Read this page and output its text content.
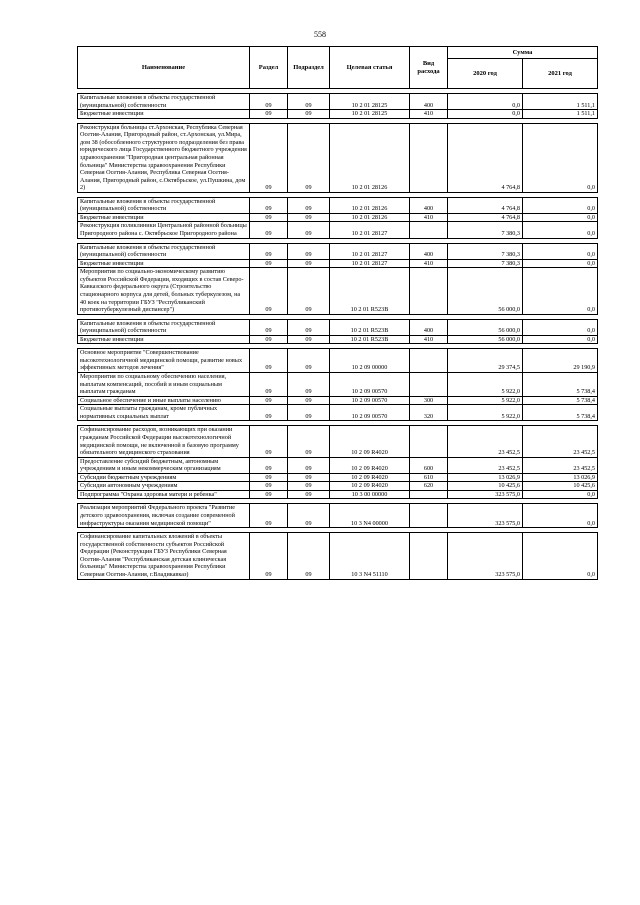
558
Наименование	Раздел	Подраздел	Целевая статья	Вид расхода	Сумма	
					2020 год	2021 год

Капитальные вложения в объекты государственной (муниципальной) собственности	09	09	10 2 01 28125	400	0,0	1 511,1
Бюджетные инвестиции	09	09	10 2 01 28125	410	0,0	1 511,1

Реконструкция больницы ст.Архонская, Республика Северная Осетия-Алания, Пригородный район, ст.Архонская, ул.Мира, дом 38 (обособленного структурного подразделения без права юридического лица Государственного бюджетного учреждения здравоохранения "Пригородная центральная районная больница" Министерства здравоохранения Республики Северная Осетия-Алания, Республика Северная Осетия-Алания, Пригородный район, с.Октябрьское, ул.Пушкина, дом 2)	09	09	10 2 01 28126		4 764,8	0,0

Капитальные вложения в объекты государственной (муниципальной) собственности	09	09	10 2 01 28126	400	4 764,8	0,0
Бюджетные инвестиции	09	09	10 2 01 28126	410	4 764,8	0,0
Реконструкция поликлиники Центральной районной больницы Пригородного района с. Октябрьское Пригородного района	09	09	10 2 01 28127		7 380,3	0,0

Капитальные вложения в объекты государственной (муниципальной) собственности	09	09	10 2 01 28127	400	7 380,3	0,0
Бюджетные инвестиции	09	09	10 2 01 28127	410	7 380,3	0,0
Мероприятия по социально-экономическому развитию субъектов Российской Федерации, входящих в состав Северо-Кавказского федерального округа (Строительство стационарного корпуса для детей, больных туберкулезом, на 40 коек на территории ГБУЗ "Республиканский противотуберкулезный диспансер")	09	09	10 2 01 R523В		56 000,0	0,0

Капитальные вложения в объекты государственной (муниципальной) собственности	09	09	10 2 01 R523В	400	56 000,0	0,0
Бюджетные инвестиции	09	09	10 2 01 R523В	410	56 000,0	0,0

Основное мероприятие "Совершенствование высокотехнологичной медицинской помощи, развитие новых эффективных методов лечения"	09	09	10 2 09 00000		29 374,5	29 190,9
Мероприятия по социальному обеспечению населения, выплатам компенсаций, пособий и иным социальным выплатам гражданам	09	09	10 2 09 00570		5 922,0	5 738,4
Социальное обеспечение и иные выплаты населению	09	09	10 2 09 00570	300	5 922,0	5 738,4
Социальные выплаты гражданам, кроме публичных нормативных социальных выплат	09	09	10 2 09 00570	320	5 922,0	5 738,4

Софинансирование расходов, возникающих при оказании гражданам Российской Федерации высокотехнологичной медицинской помощи, не включенной в базовую программу обязательного медицинского страхования	09	09	10 2 09 R4020		23 452,5	23 452,5
Предоставление субсидий бюджетным, автономным учреждениям и иным некоммерческим организациям	09	09	10 2 09 R4020	600	23 452,5	23 452,5
Субсидии бюджетным учреждениям	09	09	10 2 09 R4020	610	13 026,9	13 026,9
Субсидии автономным учреждениям	09	09	10 2 09 R4020	620	10 425,6	10 425,6
Подпрограмма "Охрана здоровья матери и ребенка"	09	09	10 3 00 00000		323 575,0	0,0

Реализация мероприятий Федерального проекта "Развитие детского здравоохранения, включая создание современной инфраструктуры оказания медицинской помощи"	09	09	10 3 N4 00000		323 575,0	0,0

Софинансирование капитальных вложений в объекты государственной собственности субъектов Российской Федерации (Реконструкция ГБУЗ Республики Северная Осетия-Алания "Республиканская детская клиническая больница" Министерства здравоохранения Республики Северная Осетия-Алания, г.Владикавказ)	09	09	10 3 N4 51110		323 575,0	0,0
